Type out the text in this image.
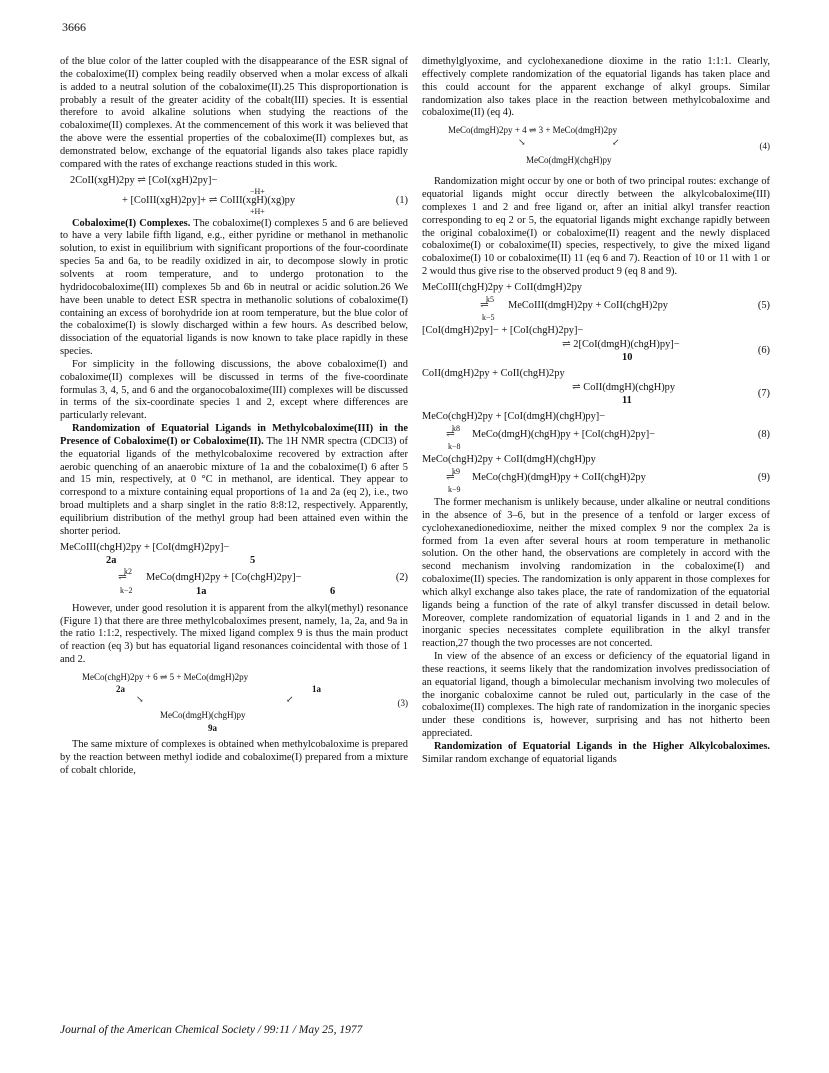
3666

of the blue color of the latter coupled with the disappearance of the ESR signal of the cobaloxime(II) complex being readily observed when a molar excess of alkali is added to a neutral solution of the cobaloxime(II).25 This disproportionation is probably a result of the greater acidity of the cobalt(III) species. It is essential therefore to avoid alkaline solutions when studying the reactions of the cobaloxime(II) complexes. At the commencement of this work it was believed that the above were the essential properties of the cobaloxime(II) complexes but, as demonstrated below, exchange of the equatorial ligands also takes place rapidly compared with the rates of exchange reactions studed in this work.

2CoII(xgH)2py ⇌ [CoI(xgH)2py]−
−H+
+H+
+ [CoIII(xgH)2py]+ ⇌ CoIII(xgH)(xg)py	(1)

Cobaloxime(I) Complexes. The cobaloxime(I) complexes 5 and 6 are believed to have a very labile fifth ligand, e.g., either pyridine or methanol in methanolic solution, to exist in equilibrium with significant proportions of the four-coordinate species 5a and 6a, to be readily oxidized in air, to decompose slowly in protic solvents at room temperature, and to undergo protonation to the hydridocobaloxime(III) complexes 5b and 6b in neutral or acidic solution.26 We have been unable to detect ESR spectra in methanolic solutions of cobaloxime(I) containing an excess of borohydride ion at room temperature, but the blue color of the cobaloxime(I) is slowly discharged within a few hours. As described below, dissociation of the equatorial ligands is now known to take place rapidly in these species.

For simplicity in the following discussions, the above cobaloxime(I) and cobaloxime(II) complexes will be discussed in terms of the five-coordinate formulas 3, 4, 5, and 6 and the organocobaloxime(III) complexes will be discussed in terms of the six-coordinate species 1 and 2, except where differences are particularly relevant.

Randomization of Equatorial Ligands in Methylcobaloxime(III) in the Presence of Cobaloxime(I) or Cobaloxime(II). The 1H NMR spectra (CDCl3) of the equatorial ligands of the methylcobaloxime recovered by extraction after aerobic quenching of an anaerobic mixture of 1a and the cobaloxime(I) 6 after 5 and 15 min, respectively, at 0 °C in methanol, are identical. They appear to correspond to a mixture containing equal proportions of 1a and 2a (eq 2), i.e., two broad multiplets and a sharp singlet in the ratio 8:8:12, respectively. Apparently, equilibrium distribution of the methyl group had been attained even within the shorter period.

MeCoIII(chgH)2py + [CoI(dmgH)2py]−
2a	5
k2
⇌ MeCo(dmgH)2py + [Co(chgH)2py]−
k−2	1a	6
(2)

However, under good resolution it is apparent from the alkyl(methyl) resonance (Figure 1) that there are three methylcobaloximes present, namely, 1a, 2a, and 9a in the ratio 1:1:2, respectively. The mixed ligand complex 9 is thus the main product of reaction (eq 3) but has equatorial ligand resonances coincidental with those of 1 and 2.

MeCo(chgH)2py + 6 ⇌ 5 + MeCo(dmgH)2py
2a	1a
↘	↙
MeCo(dmgH)(chgH)py
9a
(3)

The same mixture of complexes is obtained when methylcobaloxime is prepared by the reaction between methyl iodide and cobaloxime(I) prepared from a mixture of cobalt chloride,

dimethylglyoxime, and cyclohexanedione dioxime in the ratio 1:1:1. Clearly, effectively complete randomization of the equatorial ligands has taken place and this could account for the apparent exchange of alkyl groups. Similar randomization also takes place in the reaction between methylcobaloxime and cobaloxime(II) (eq 4).

MeCo(dmgH)2py + 4 ⇌ 3 + MeCo(dmgH)2py
↘	↙
MeCo(dmgH)(chgH)py
(4)

Randomization might occur by one or both of two principal routes: exchange of equatorial ligands might occur directly between the alkylcobaloxime(III) complexes 1 and 2 and free ligand or, after an initial alkyl transfer reaction corresponding to eq 2 or 5, the equatorial ligands might exchange rapidly between the original cobaloxime(I) or cobaloxime(II) reagent and the newly displaced cobaloxime(I) or cobaloxime(II) species, respectively, to give the mixed ligand cobaloxime(I) 10 or cobaloxime(II) 11 (eq 6 and 7). Reaction of 10 or 11 with 1 or 2 would thus give rise to the observed product 9 (eq 8 and 9).

MeCoIII(chgH)2py + CoII(dmgH)2py
k5
⇌ MeCoIII(dmgH)2py + CoII(chgH)2py
k−5
(5)
[CoI(dmgH)2py]− + [CoI(chgH)2py]−
⇌ 2[CoI(dmgH)(chgH)py]−
10
(6)
CoII(dmgH)2py + CoII(chgH)2py
⇌ CoII(dmgH)(chgH)py
11
(7)
MeCo(chgH)2py + [CoI(dmgH)(chgH)py]−
k8
⇌ MeCo(dmgH)(chgH)py + [CoI(chgH)2py]−
k−8
(8)
MeCo(chgH)2py + CoII(dmgH)(chgH)py
k9
⇌ MeCo(chgH)(dmgH)py + CoII(chgH)2py
k−9
(9)

The former mechanism is unlikely because, under alkaline or neutral conditions in the absence of 3–6, but in the presence of a tenfold or larger excess of cyclohexanedionedioxime, neither the mixed complex 9 nor the complex 2a is formed from 1a even after several hours at room temperature in methanolic solution. On the other hand, the observations are completely in accord with the second mechanism involving randomization in the cobaloxime(I) and cobaloxime(II) species. The randomization is only apparent in those complexes for which alkyl exchange also takes place, the rate of randomization of the equatorial ligands being a function of the rate of alkyl transfer discussed in detail below. Moreover, complete randomization of equatorial ligands in 1 and 2 and in the inorganic species necessitates complete equilibration in the alkyl transfer reaction,27 though the two processes are not concerted.

In view of the absence of an excess or deficiency of the equatorial ligand in these reactions, it seems likely that the randomization involves predissociation of an equatorial ligand, though a bimolecular mechanism involving two molecules of the inorganic cobaloxime cannot be ruled out, particularly in the case of the cobaloxime(II) complexes. The high rate of randomization in the inorganic species under these conditions is, however, surprising and has not hitherto been appreciated.

Randomization of Equatorial Ligands in the Higher Alkylcobaloximes. Similar random exchange of equatorial ligands

Journal of the American Chemical Society / 99:11 / May 25, 1977
